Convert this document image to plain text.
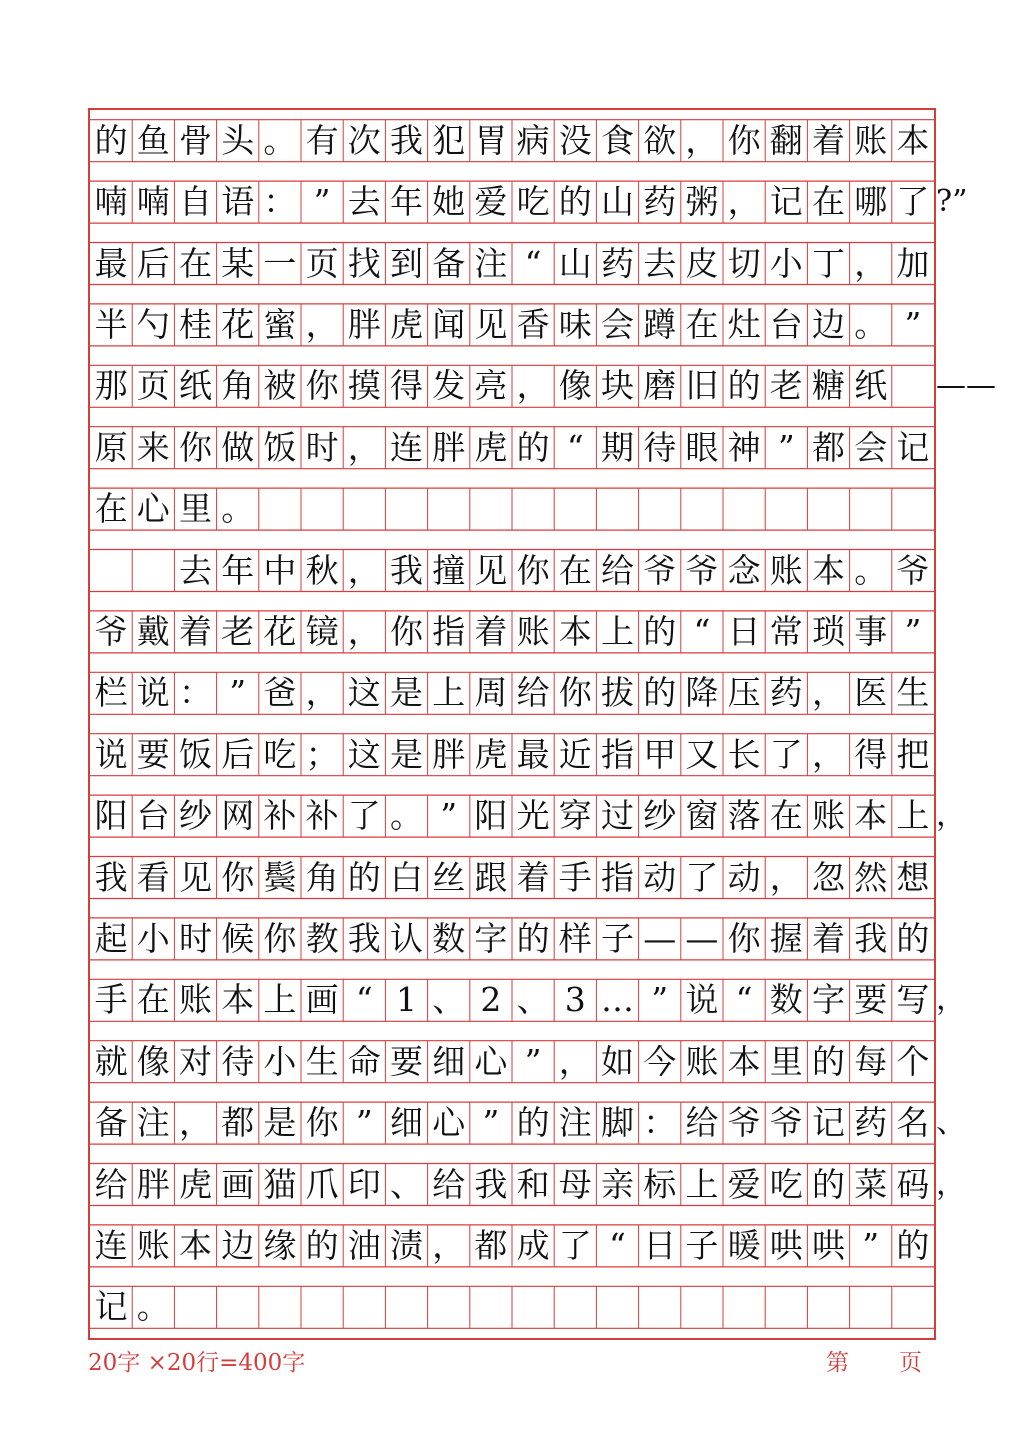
的 鱼 骨 头 。 有 次 我 犯 胃 病 没 食 欲 ， 你 翻 着 账 本
喃 喃 自 语 ： ” 去 年 她 爱 吃 的 山 药 粥 ， 记 在 哪 了
最 后 在 某 一 页 找 到 备 注 “ 山 药 去 皮 切 小 丁 ， 加
半 勺 桂 花 蜜 ， 胖 虎 闻 见 香 味 会 蹲 在 灶 台 边 。 ”
那 页 纸 角 被 你 摸 得 发 亮 ， 像 块 磨 旧 的 老 糖 纸
原 来 你 做 饭 时 ， 连 胖 虎 的 “ 期 待 眼 神 ” 都 会 记
在 心 里 。
去 年 中 秋 ， 我 撞 见 你 在 给 爷 爷 念 账 本 。 爷
爷 戴 着 老 花 镜 ， 你 指 着 账 本 上 的 “ 日 常 琐 事 ”
栏 说 ： ” 爸 ， 这 是 上 周 给 你 拔 的 降 压 药 ， 医 生
说 要 饭 后 吃 ； 这 是 胖 虎 最 近 指 甲 又 长 了 ， 得 把
阳 台 纱 网 补 补 了 。 ” 阳 光 穿 过 纱 窗 落 在 账 本 上
我 看 见 你 鬓 角 的 白 丝 跟 着 手 指 动 了 动 ， 忽 然 想
起 小 时 候 你 教 我 认 数 字 的 样 子 — — 你 握 着 我 的
手 在 账 本 上 画 “ 1 、 2 、 3 … ” 说 “ 数 字 要 写
就 像 对 待 小 生 命 要 细 心 ” ， 如 今 账 本 里 的 每 个
备 注 ， 都 是 你 ” 细 心 ” 的 注 脚 ： 给 爷 爷 记 药 名
给 胖 虎 画 猫 爪 印 、 给 我 和 母 亲 标 上 爱 吃 的 菜 码
连 账 本 边 缘 的 油 渍 ， 都 成 了 “ 日 子 暖 哄 哄 ” 的
记 。
?”
——
，
，
、
，
20字 ×20行=400字	第 页
